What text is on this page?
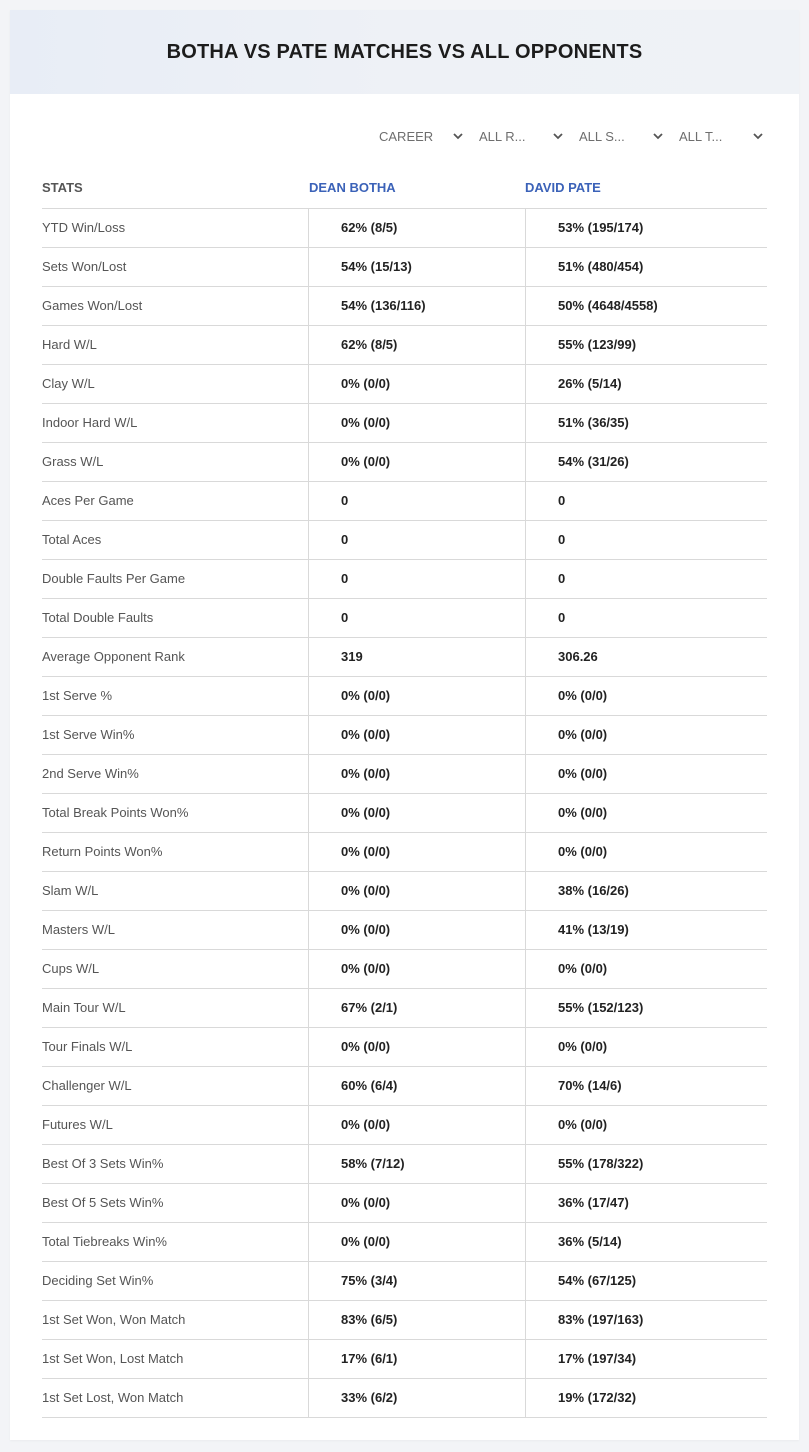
BOTHA VS PATE MATCHES VS ALL OPPONENTS
CAREER	ALL R...	ALL S...	ALL T...
STATS	DEAN BOTHA	DAVID PATE
YTD Win/Loss	62% (8/5)	53% (195/174)
Sets Won/Lost	54% (15/13)	51% (480/454)
Games Won/Lost	54% (136/116)	50% (4648/4558)
Hard W/L	62% (8/5)	55% (123/99)
Clay W/L	0% (0/0)	26% (5/14)
Indoor Hard W/L	0% (0/0)	51% (36/35)
Grass W/L	0% (0/0)	54% (31/26)
Aces Per Game	0	0
Total Aces	0	0
Double Faults Per Game	0	0
Total Double Faults	0	0
Average Opponent Rank	319	306.26
1st Serve %	0% (0/0)	0% (0/0)
1st Serve Win%	0% (0/0)	0% (0/0)
2nd Serve Win%	0% (0/0)	0% (0/0)
Total Break Points Won%	0% (0/0)	0% (0/0)
Return Points Won%	0% (0/0)	0% (0/0)
Slam W/L	0% (0/0)	38% (16/26)
Masters W/L	0% (0/0)	41% (13/19)
Cups W/L	0% (0/0)	0% (0/0)
Main Tour W/L	67% (2/1)	55% (152/123)
Tour Finals W/L	0% (0/0)	0% (0/0)
Challenger W/L	60% (6/4)	70% (14/6)
Futures W/L	0% (0/0)	0% (0/0)
Best Of 3 Sets Win%	58% (7/12)	55% (178/322)
Best Of 5 Sets Win%	0% (0/0)	36% (17/47)
Total Tiebreaks Win%	0% (0/0)	36% (5/14)
Deciding Set Win%	75% (3/4)	54% (67/125)
1st Set Won, Won Match	83% (6/5)	83% (197/163)
1st Set Won, Lost Match	17% (6/1)	17% (197/34)
1st Set Lost, Won Match	33% (6/2)	19% (172/32)
